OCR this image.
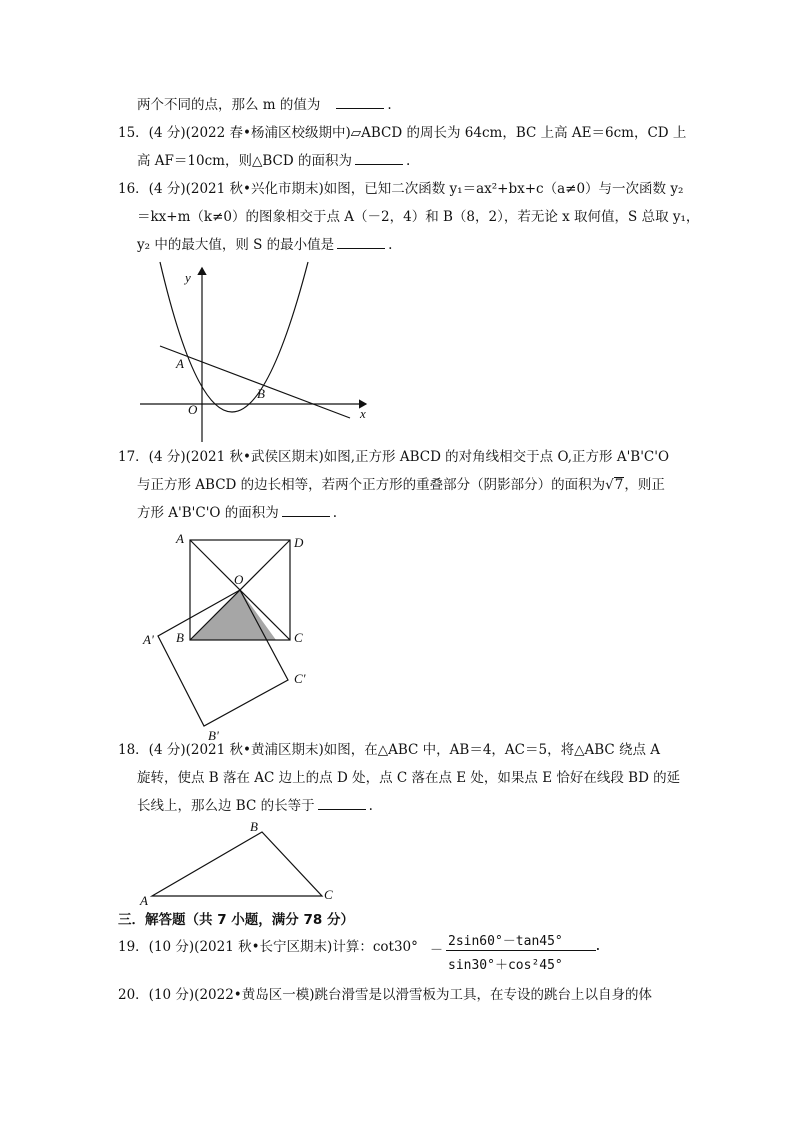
两个不同的点，那么 m 的值为	.
15．(4 分)(2022 春•杨浦区校级期中)▱ABCD 的周长为 64cm，BC 上高 AE＝6cm，CD 上
高 AF＝10cm，则△BCD 的面积为	.
16．(4 分)(2021 秋•兴化市期末)如图，已知二次函数 y₁＝ax²+bx+c（a≠0）与一次函数 y₂
＝kx+m（k≠0）的图象相交于点 A（－2，4）和 B（8，2），若无论 x 取何值，S 总取 y₁，
y₂ 中的最大值，则 S 的最小值是	.
y
x
A
O
B
17．(4 分)(2021 秋•武侯区期末)如图,正方形 ABCD 的对角线相交于点 O,正方形 A'B'C'O
与正方形 ABCD 的边长相等，若两个正方形的重叠部分（阴影部分）的面积为√7，则正
方形 A'B'C'O 的面积为	.
A	D
O
A' B	C
C'
B'
18．(4 分)(2021 秋•黄浦区期末)如图，在△ABC 中，AB＝4，AC＝5，将△ABC 绕点 A
旋转，使点 B 落在 AC 边上的点 D 处，点 C 落在点 E 处，如果点 E 恰好在线段 BD 的延
长线上，那么边 BC 的长等于	.
A
B
C
三．解答题（共 7 小题，满分 78 分）
19．(10 分)(2021 秋•长宁区期末)计算：cot30° －
2sin60°－tan45°
sin30°＋cos²45°
.
20．(10 分)(2022•黄岛区一模)跳台滑雪是以滑雪板为工具，在专设的跳台上以自身的体
